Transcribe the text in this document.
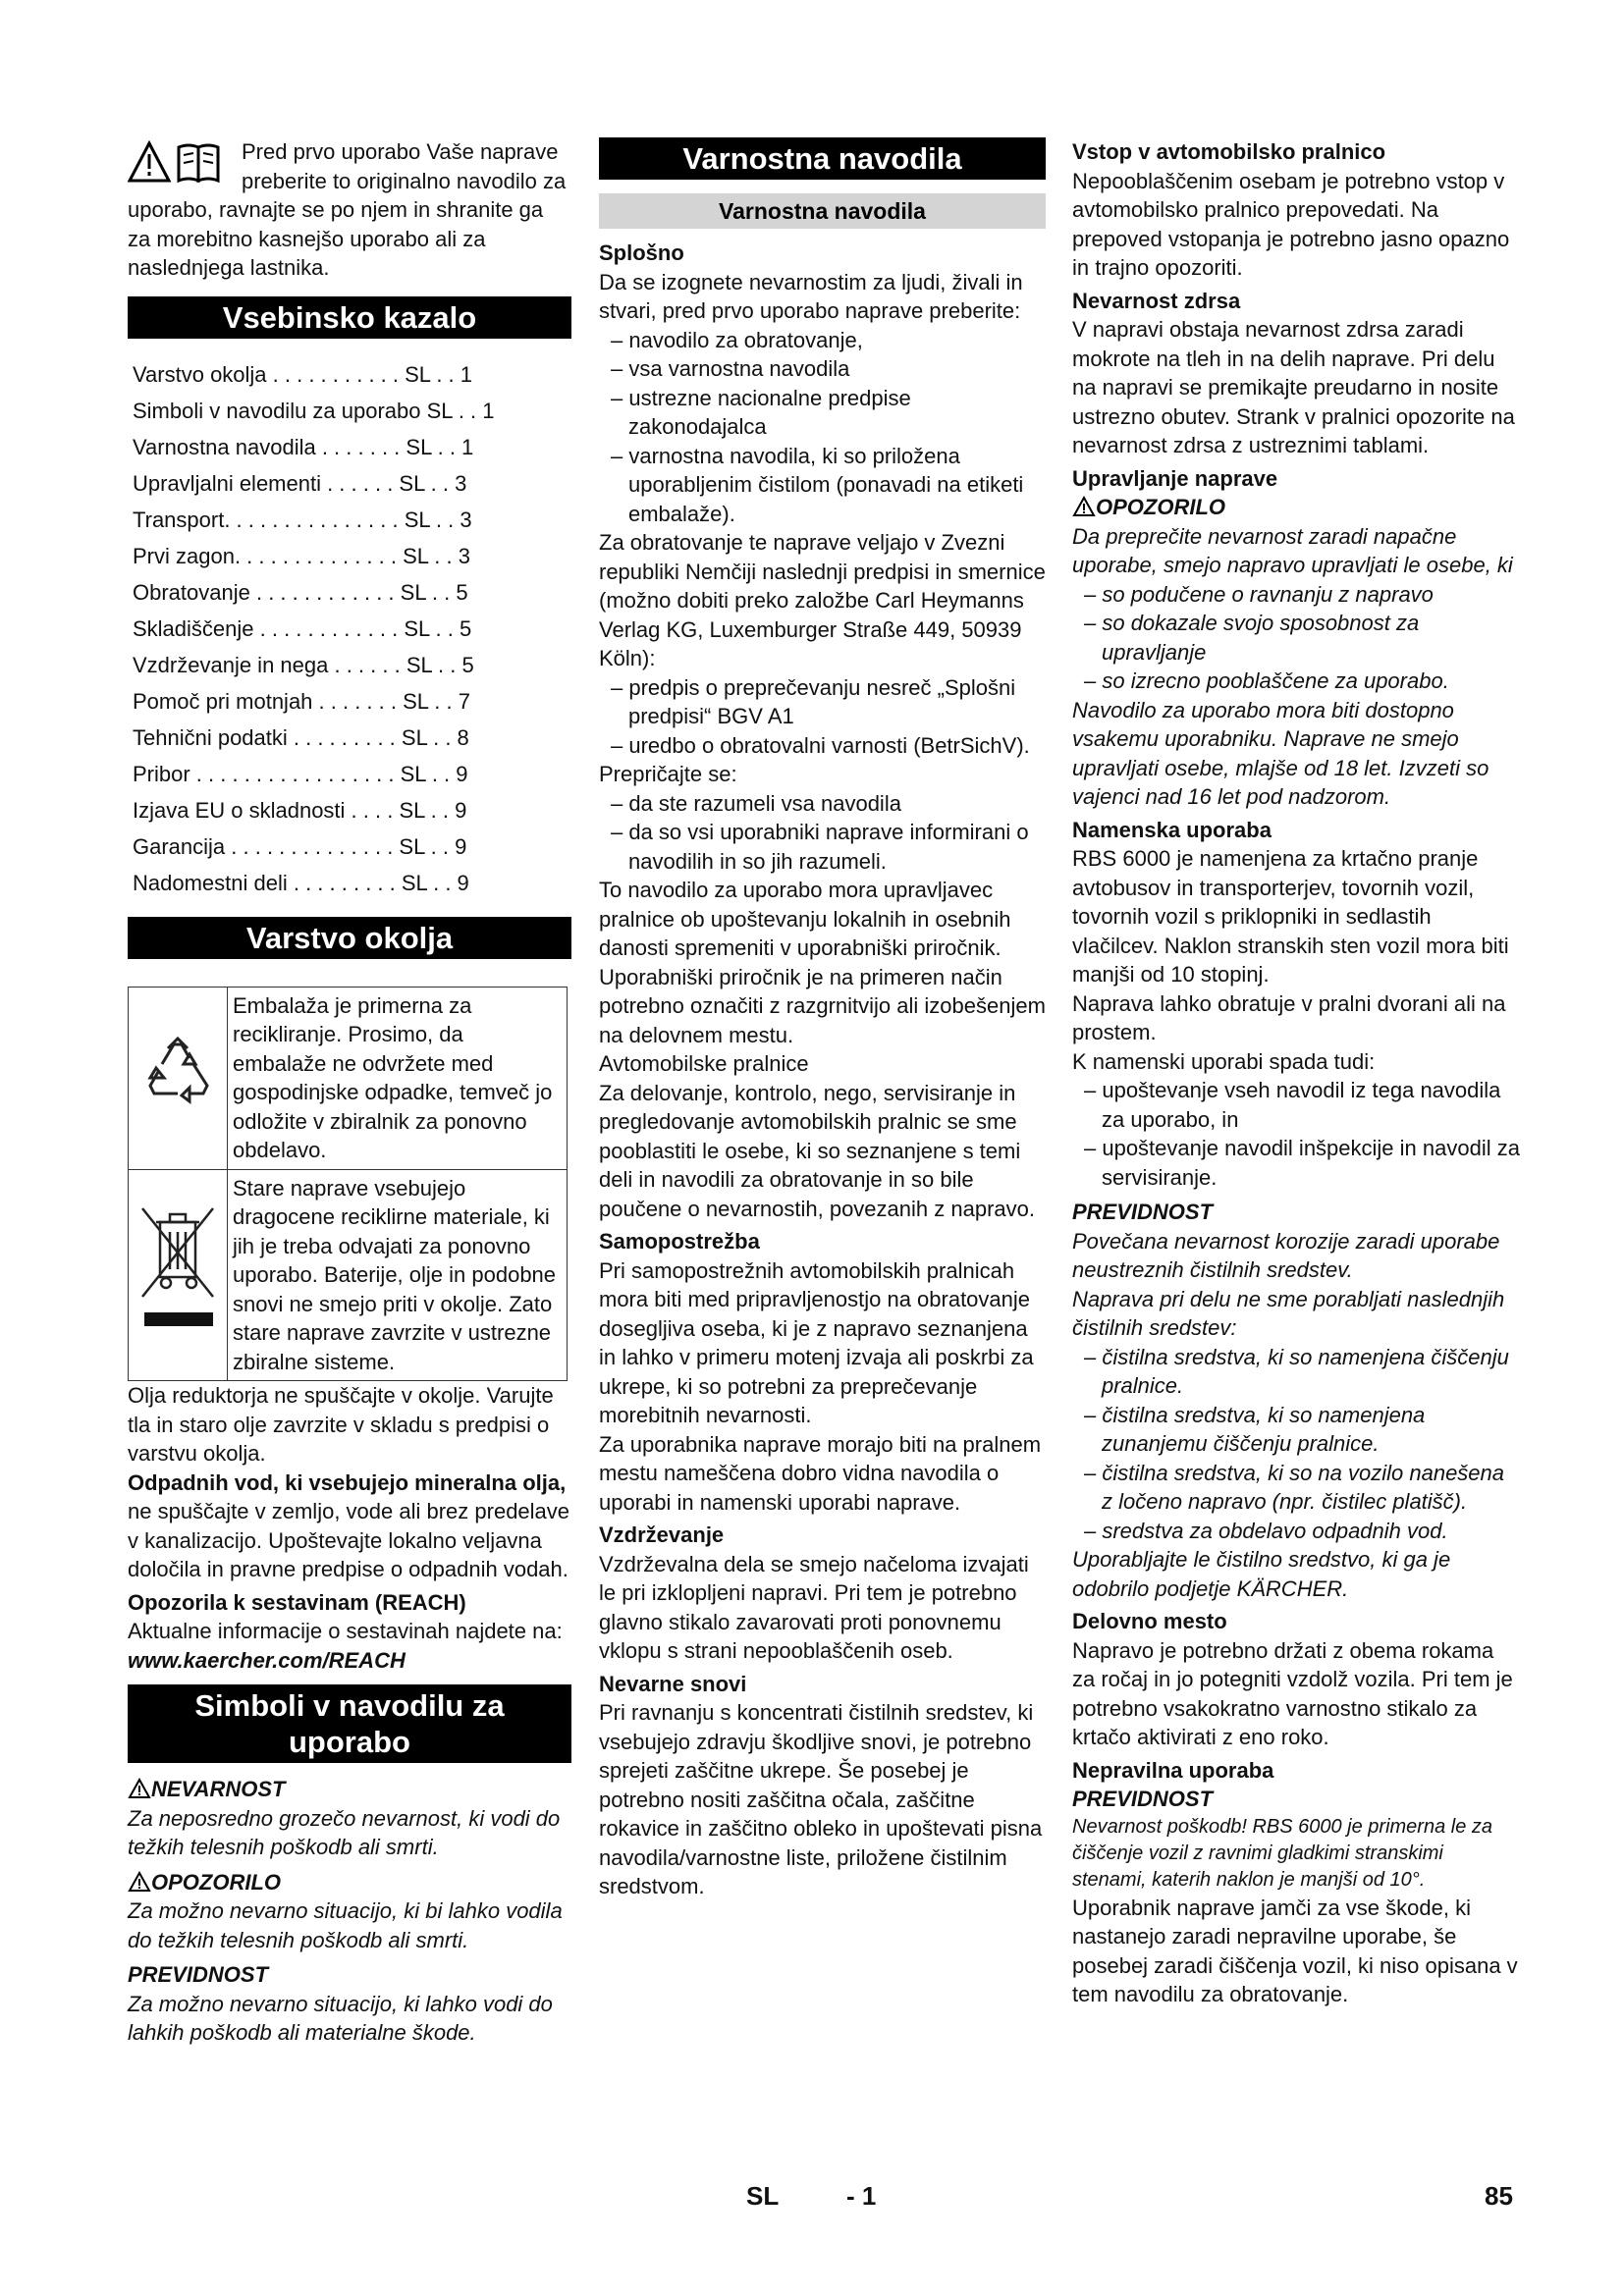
Pred prvo uporabo Vaše naprave preberite to originalno navodilo za uporabo, ravnajte se po njem in shranite ga za morebitno kasnejšo uporabo ali za naslednjega lastnika.

Vsebinsko kazalo
Varstvo okolja . . . . . . . . . . . SL . . 1
Simboli v navodilu za uporabo SL . . 1
Varnostna navodila . . . . . . . SL . . 1
Upravljalni elementi . . . . . . SL . . 3
Transport. . . . . . . . . . . . . . . SL . . 3
Prvi zagon. . . . . . . . . . . . . . SL . . 3
Obratovanje . . . . . . . . . . . . SL . . 5
Skladiščenje . . . . . . . . . . . . SL . . 5
Vzdrževanje in nega . . . . . . SL . . 5
Pomoč pri motnjah . . . . . . . SL . . 7
Tehnični podatki . . . . . . . . . SL . . 8
Pribor . . . . . . . . . . . . . . . . . SL . . 9
Izjava EU o skladnosti . . . . SL . . 9
Garancija . . . . . . . . . . . . . . SL . . 9
Nadomestni deli . . . . . . . . . SL . . 9
Varstvo okolja
	Embalaža je primerna za recikliranje. Prosimo, da embalaže ne odvržete med gospodinjske odpadke, temveč jo odložite v zbiralnik za ponovno obdelavo.
	Stare naprave vsebujejo dragocene reciklirne materiale, ki jih je treba odvajati za ponovno uporabo. Baterije, olje in podobne snovi ne smejo priti v okolje. Zato stare naprave zavrzite v ustrezne zbiralne sisteme.

Olja reduktorja ne spuščajte v okolje. Varujte tla in staro olje zavrzite v skladu s predpisi o varstvu okolja.

Odpadnih vod, ki vsebujejo mineralna olja, ne spuščajte v zemljo, vode ali brez predelave v kanalizacijo. Upoštevajte lokalno veljavna določila in pravne predpise o odpadnih vodah.

Opozorila k sestavinam (REACH)

Aktualne informacije o sestavinah najdete na:

www.kaercher.com/REACH

Simboli v navodilu za uporabo

NEVARNOST

Za neposredno grozečo nevarnost, ki vodi do težkih telesnih poškodb ali smrti.

OPOZORILO

Za možno nevarno situacijo, ki bi lahko vodila do težkih telesnih poškodb ali smrti.

PREVIDNOST

Za možno nevarno situacijo, ki lahko vodi do lahkih poškodb ali materialne škode.

Varnostna navodila
Varnostna navodila

Splošno

Da se izognete nevarnostim za ljudi, živali in stvari, pred prvo uporabo naprave preberite:

– navodilo za obratovanje,

– vsa varnostna navodila

– ustrezne nacionalne predpise zakonodajalca

– varnostna navodila, ki so priložena uporabljenim čistilom (ponavadi na etiketi embalaže).

Za obratovanje te naprave veljajo v Zvezni republiki Nemčiji naslednji predpisi in smernice (možno dobiti preko založbe Carl Heymanns Verlag KG, Luxemburger Straße 449, 50939 Köln):

– predpis o preprečevanju nesreč „Splošni predpisi“ BGV A1

– uredbo o obratovalni varnosti (BetrSichV).

Prepričajte se:

– da ste razumeli vsa navodila

– da so vsi uporabniki naprave informirani o navodilih in so jih razumeli.

To navodilo za uporabo mora upravljavec pralnice ob upoštevanju lokalnih in osebnih danosti spremeniti v uporabniški priročnik. Uporabniški priročnik je na primeren način potrebno označiti z razgrnitvijo ali izobešenjem na delovnem mestu.

Avtomobilske pralnice

Za delovanje, kontrolo, nego, servisiranje in pregledovanje avtomobilskih pralnic se sme pooblastiti le osebe, ki so seznanjene s temi deli in navodili za obratovanje in so bile poučene o nevarnostih, povezanih z napravo.

Samopostrežba

Pri samopostrežnih avtomobilskih pralnicah mora biti med pripravljenostjo na obratovanje dosegljiva oseba, ki je z napravo seznanjena in lahko v primeru motenj izvaja ali poskrbi za ukrepe, ki so potrebni za preprečevanje morebitnih nevarnosti.

Za uporabnika naprave morajo biti na pralnem mestu nameščena dobro vidna navodila o uporabi in namenski uporabi naprave.

Vzdrževanje

Vzdrževalna dela se smejo načeloma izvajati le pri izklopljeni napravi. Pri tem je potrebno glavno stikalo zavarovati proti ponovnemu vklopu s strani nepooblaščenih oseb.

Nevarne snovi

Pri ravnanju s koncentrati čistilnih sredstev, ki vsebujejo zdravju škodljive snovi, je potrebno sprejeti zaščitne ukrepe. Še posebej je potrebno nositi zaščitna očala, zaščitne rokavice in zaščitno obleko in upoštevati pisna navodila/varnostne liste, priložene čistilnim sredstvom.

Vstop v avtomobilsko pralnico

Nepooblaščenim osebam je potrebno vstop v avtomobilsko pralnico prepovedati. Na prepoved vstopanja je potrebno jasno opazno in trajno opozoriti.

Nevarnost zdrsa

V napravi obstaja nevarnost zdrsa zaradi mokrote na tleh in na delih naprave. Pri delu na napravi se premikajte preudarno in nosite ustrezno obutev. Strank v pralnici opozorite na nevarnost zdrsa z ustreznimi tablami.

Upravljanje naprave

OPOZORILO

Da preprečite nevarnost zaradi napačne uporabe, smejo napravo upravljati le osebe, ki

– so podučene o ravnanju z napravo

– so dokazale svojo sposobnost za upravljanje

– so izrecno pooblaščene za uporabo.

Navodilo za uporabo mora biti dostopno vsakemu uporabniku. Naprave ne smejo upravljati osebe, mlajše od 18 let. Izvzeti so vajenci nad 16 let pod nadzorom.

Namenska uporaba

RBS 6000 je namenjena za krtačno pranje avtobusov in transporterjev, tovornih vozil, tovornih vozil s priklopniki in sedlastih vlačilcev. Naklon stranskih sten vozil mora biti manjši od 10 stopinj.

Naprava lahko obratuje v pralni dvorani ali na prostem.

K namenski uporabi spada tudi:

– upoštevanje vseh navodil iz tega navodila za uporabo, in

– upoštevanje navodil inšpekcije in navodil za servisiranje.

PREVIDNOST

Povečana nevarnost korozije zaradi uporabe neustreznih čistilnih sredstev.

Naprava pri delu ne sme porabljati naslednjih čistilnih sredstev:

– čistilna sredstva, ki so namenjena čiščenju pralnice.

– čistilna sredstva, ki so namenjena zunanjemu čiščenju pralnice.

– čistilna sredstva, ki so na vozilo nanešena z ločeno napravo (npr. čistilec platišč).

– sredstva za obdelavo odpadnih vod.

Uporabljajte le čistilno sredstvo, ki ga je odobrilo podjetje KÄRCHER.

Delovno mesto

Napravo je potrebno držati z obema rokama za ročaj in jo potegniti vzdolž vozila. Pri tem je potrebno vsakokratno varnostno stikalo za krtačo aktivirati z eno roko.

Nepravilna uporaba

PREVIDNOST

Nevarnost poškodb! RBS 6000 je primerna le za čiščenje vozil z ravnimi gladkimi stranskimi stenami, katerih naklon je manjši od 10°.

Uporabnik naprave jamči za vse škode, ki nastanejo zaradi nepravilne uporabe, še posebej zaradi čiščenja vozil, ki niso opisana v tem navodilu za obratovanje.

SL	- 1	85
